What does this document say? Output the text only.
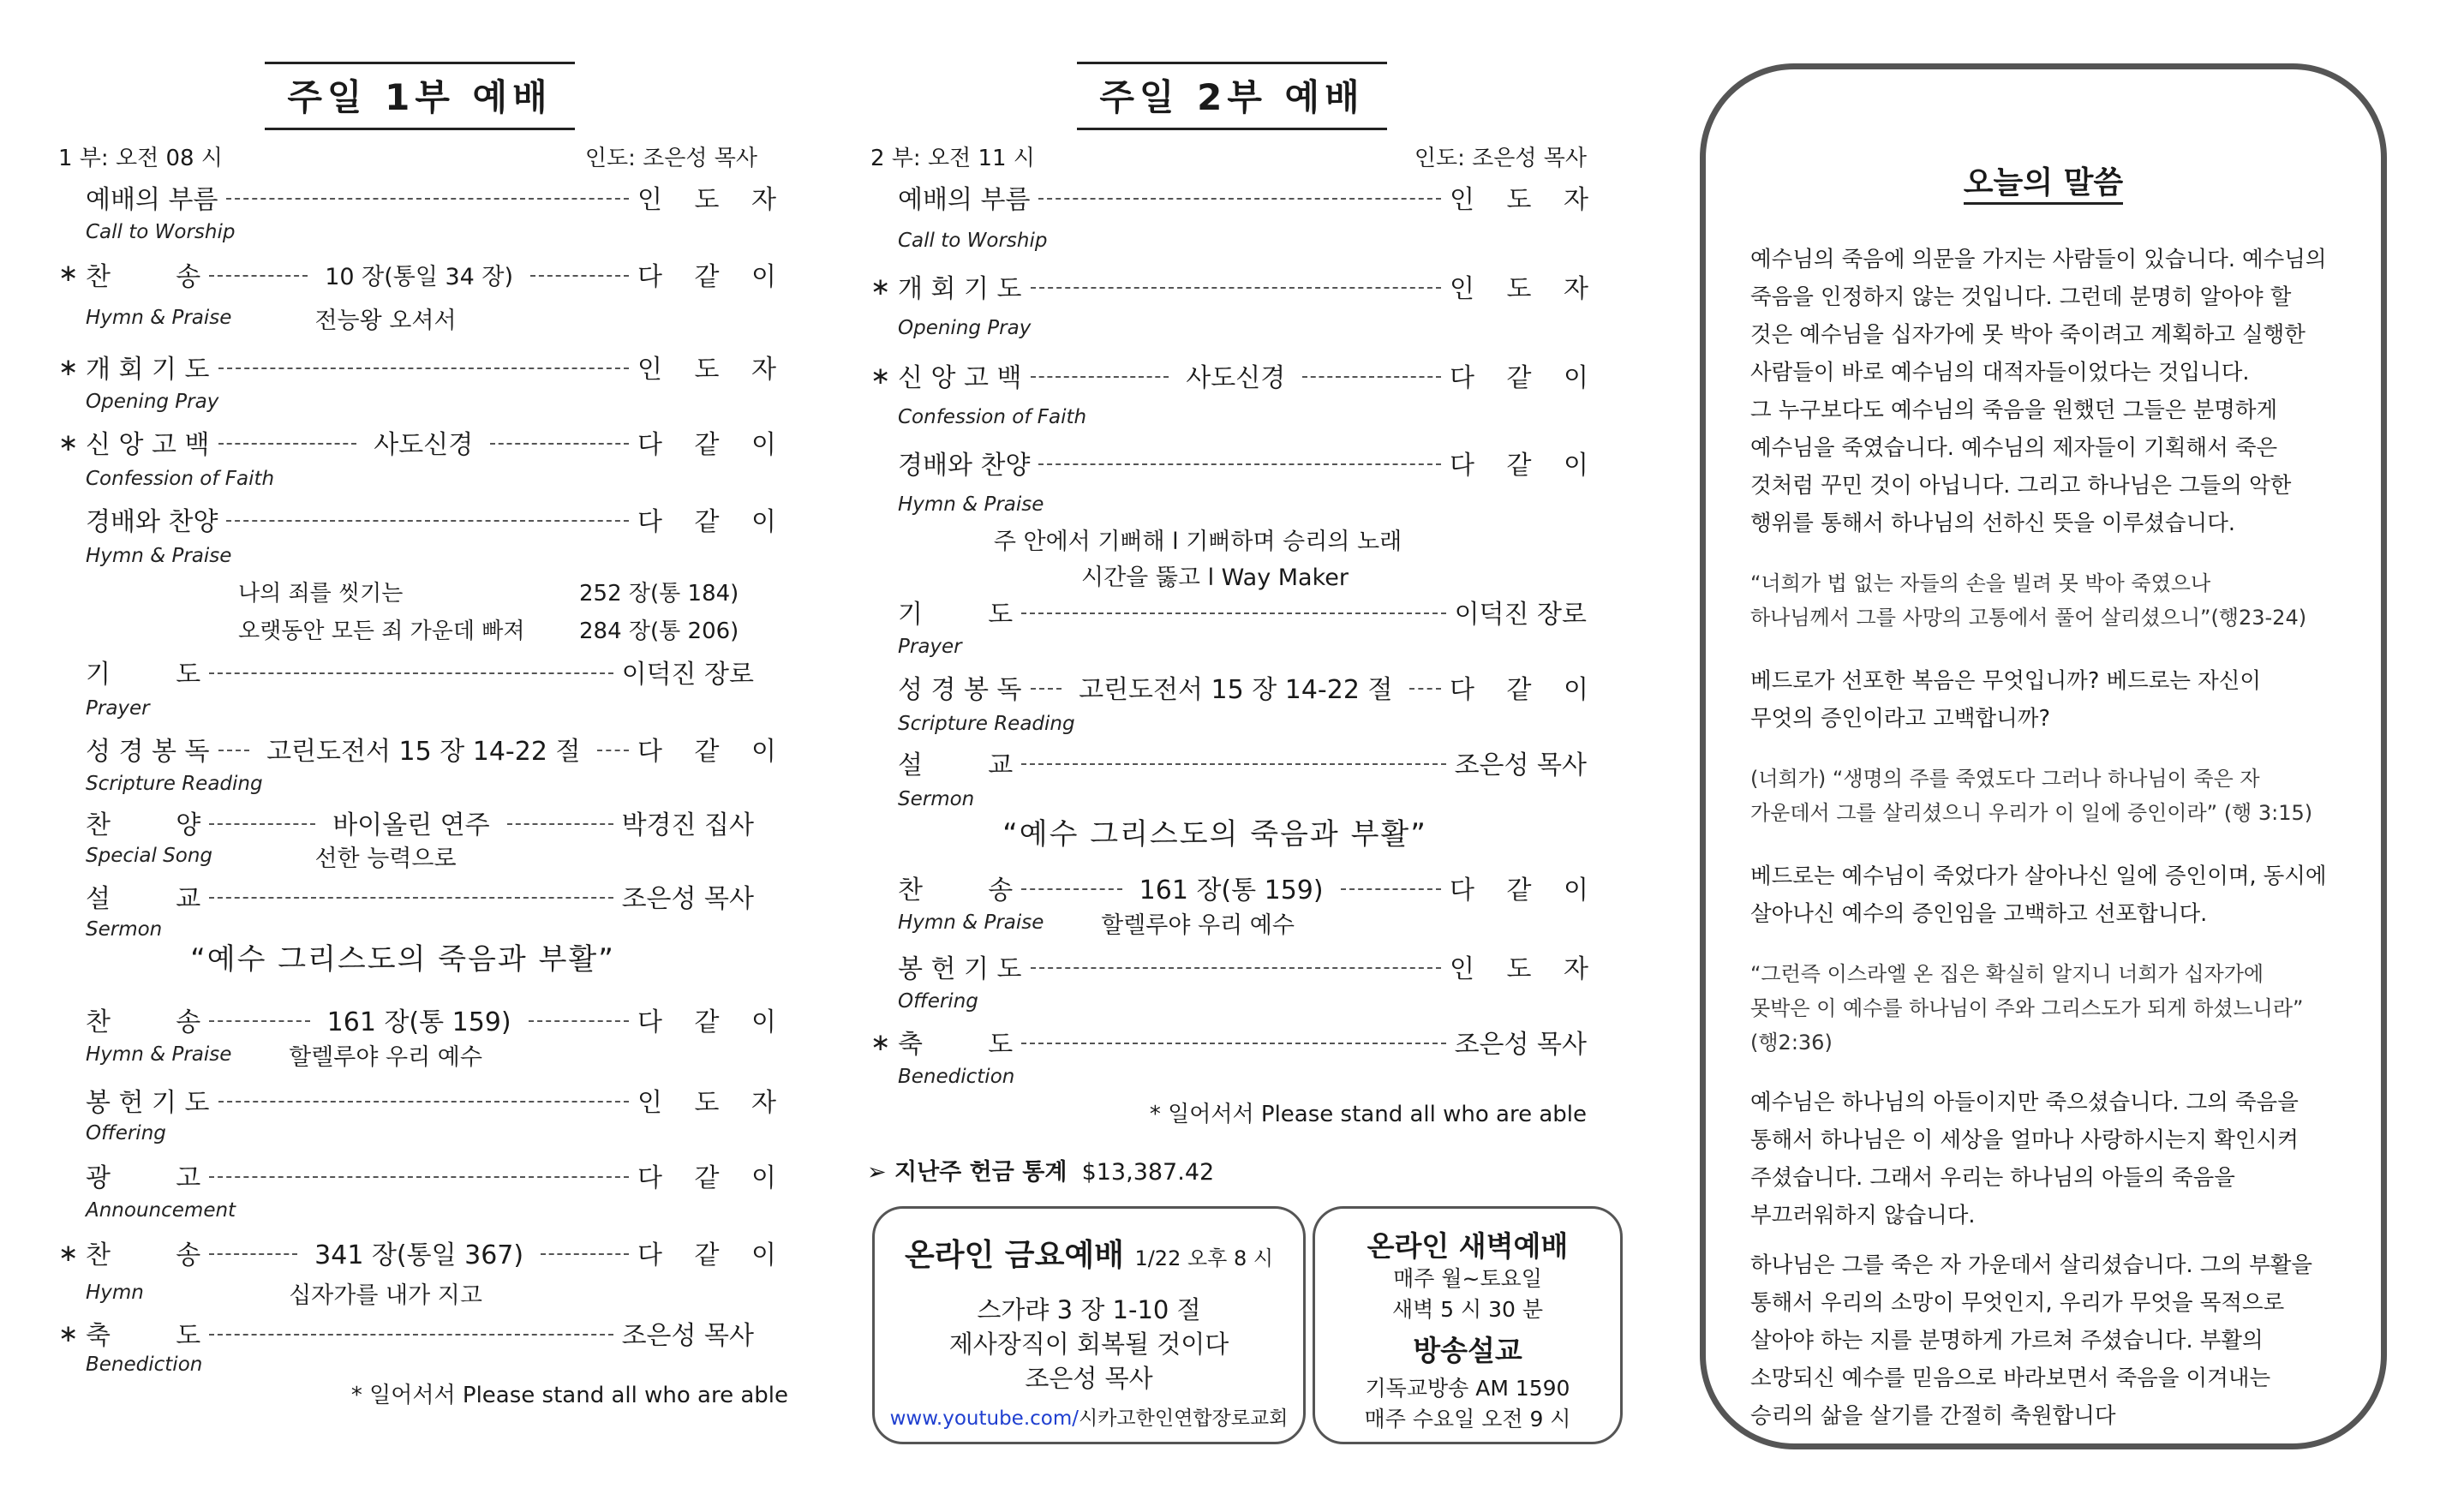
주일 1부 예배
1 부: 오전 08 시	인도: 조은성 목사
예배의 부름	인 도 자
Call to Worship
∗ 찬        송	10 장(통일 34 장)	다 같 이
Hymn & Praise	전능왕 오셔서
∗ 개 회 기 도	인 도 자
Opening Pray
∗ 신 앙 고 백	사도신경	다 같 이
Confession of Faith
경배와 찬양	다 같 이
Hymn & Praise
나의 죄를 씻기는	252 장(통 184)
오랫동안 모든 죄 가운데 빠져 284 장(통 206)
기        도	이덕진 장로
Prayer
성 경 봉 독	고린도전서 15 장 14-22 절	다 같 이
Scripture Reading
찬        양	바이올린 연주	박경진 집사
Special Song	선한 능력으로
설        교	조은성 목사
Sermon
“예수 그리스도의 죽음과 부활”
찬        송	161 장(통 159)	다 같 이
Hymn & Praise	할렐루야 우리 예수
봉 헌 기 도	인 도 자
Offering
광        고	다 같 이
Announcement
∗ 찬        송	341 장(통일 367)	다 같 이
Hymn	십자가를 내가 지고
∗ 축        도	조은성 목사
Benediction
* 일어서서 Please stand all who are able
주일 2부 예배
2 부: 오전 11 시	인도: 조은성 목사
예배의 부름	인 도 자
Call to Worship
∗ 개 회 기 도	인 도 자
Opening Pray
∗ 신 앙 고 백	사도신경	다 같 이
Confession of Faith
경배와 찬양	다 같 이
Hymn & Praise
주 안에서 기뻐해 l 기뻐하며 승리의 노래
시간을 뚫고 l Way Maker
기        도	이덕진 장로
Prayer
성 경 봉 독	고린도전서 15 장 14-22 절	다 같 이
Scripture Reading
설        교	조은성 목사
Sermon
“예수 그리스도의 죽음과 부활”
찬        송	161 장(통 159)	다 같 이
Hymn & Praise	할렐루야 우리 예수
봉 헌 기 도	인 도 자
Offering
∗ 축        도	조은성 목사
Benediction
* 일어서서 Please stand all who are able
➢ 지난주 헌금 통계 $13,387.42
온라인 금요예배 1/22 오후 8 시
스가랴 3 장 1-10 절
제사장직이 회복될 것이다
조은성 목사
www.youtube.com/시카고한인연합장로교회
온라인 새벽예배
매주 월~토요일
새벽 5 시 30 분
방송설교
기독교방송 AM 1590
매주 수요일 오전 9 시
오늘의 말씀
예수님의 죽음에 의문을 가지는 사람들이 있습니다. 예수님의
죽음을 인정하지 않는 것입니다. 그런데 분명히 알아야 할
것은 예수님을 십자가에 못 박아 죽이려고 계획하고 실행한
사람들이 바로 예수님의 대적자들이었다는 것입니다.
그 누구보다도 예수님의 죽음을 원했던 그들은 분명하게
예수님을 죽였습니다. 예수님의 제자들이 기획해서 죽은
것처럼 꾸민 것이 아닙니다. 그리고 하나님은 그들의 악한
행위를 통해서 하나님의 선하신 뜻을 이루셨습니다.
“너희가 법 없는 자들의 손을 빌려 못 박아 죽였으나
하나님께서 그를 사망의 고통에서 풀어 살리셨으니”(행23-24)
베드로가 선포한 복음은 무엇입니까? 베드로는 자신이
무엇의 증인이라고 고백합니까?
(너희가) “생명의 주를 죽였도다 그러나 하나님이 죽은 자
가운데서 그를 살리셨으니 우리가 이 일에 증인이라” (행 3:15)
베드로는 예수님이 죽었다가 살아나신 일에 증인이며, 동시에
살아나신 예수의 증인임을 고백하고 선포합니다.
“그런즉 이스라엘 온 집은 확실히 알지니 너희가 십자가에
못박은 이 예수를 하나님이 주와 그리스도가 되게 하셨느니라”
(행2:36)
예수님은 하나님의 아들이지만 죽으셨습니다. 그의 죽음을
통해서 하나님은 이 세상을 얼마나 사랑하시는지 확인시켜
주셨습니다. 그래서 우리는 하나님의 아들의 죽음을
부끄러워하지 않습니다.
하나님은 그를 죽은 자 가운데서 살리셨습니다. 그의 부활을
통해서 우리의 소망이 무엇인지, 우리가 무엇을 목적으로
살아야 하는 지를 분명하게 가르쳐 주셨습니다. 부활의
소망되신 예수를 믿음으로 바라보면서 죽음을 이겨내는
승리의 삶을 살기를 간절히 축원합니다
